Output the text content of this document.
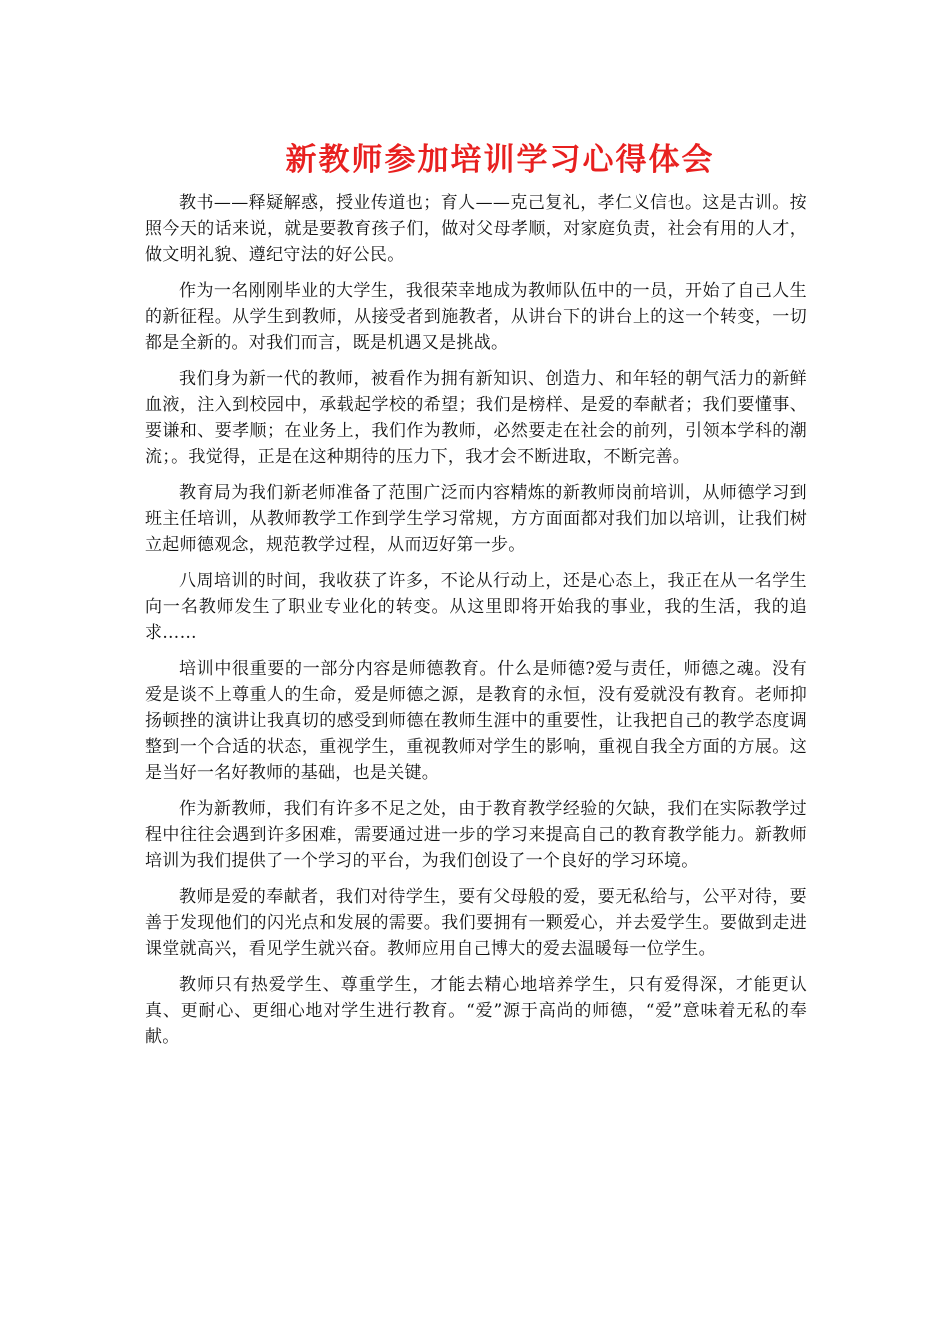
新教师参加培训学习心得体会

教书——释疑解惑，授业传道也；育人——克己复礼，孝仁义信也。这是古训。按照今天的话来说，就是要教育孩子们，做对父母孝顺，对家庭负责，社会有用的人才，做文明礼貌、遵纪守法的好公民。

作为一名刚刚毕业的大学生，我很荣幸地成为教师队伍中的一员，开始了自己人生的新征程。从学生到教师，从接受者到施教者，从讲台下的讲台上的这一个转变，一切都是全新的。对我们而言，既是机遇又是挑战。

我们身为新一代的教师，被看作为拥有新知识、创造力、和年轻的朝气活力的新鲜血液，注入到校园中，承载起学校的希望；我们是榜样、是爱的奉献者；我们要懂事、要谦和、要孝顺；在业务上，我们作为教师，必然要走在社会的前列，引领本学科的潮流；。我觉得，正是在这种期待的压力下，我才会不断进取，不断完善。

教育局为我们新老师准备了范围广泛而内容精炼的新教师岗前培训，从师德学习到班主任培训，从教师教学工作到学生学习常规，方方面面都对我们加以培训，让我们树立起师德观念，规范教学过程，从而迈好第一步。

八周培训的时间，我收获了许多，不论从行动上，还是心态上，我正在从一名学生向一名教师发生了职业专业化的转变。从这里即将开始我的事业，我的生活，我的追求……

培训中很重要的一部分内容是师德教育。什么是师德?爱与责任，师德之魂。没有爱是谈不上尊重人的生命，爱是师德之源，是教育的永恒，没有爱就没有教育。老师抑扬顿挫的演讲让我真切的感受到师德在教师生涯中的重要性，让我把自己的教学态度调整到一个合适的状态，重视学生，重视教师对学生的影响，重视自我全方面的方展。这是当好一名好教师的基础，也是关键。

作为新教师，我们有许多不足之处，由于教育教学经验的欠缺，我们在实际教学过程中往往会遇到许多困难，需要通过进一步的学习来提高自己的教育教学能力。新教师培训为我们提供了一个学习的平台，为我们创设了一个良好的学习环境。

教师是爱的奉献者，我们对待学生，要有父母般的爱，要无私给与，公平对待，要善于发现他们的闪光点和发展的需要。我们要拥有一颗爱心，并去爱学生。要做到走进课堂就高兴，看见学生就兴奋。教师应用自己博大的爱去温暖每一位学生。

教师只有热爱学生、尊重学生，才能去精心地培养学生，只有爱得深，才能更认真、更耐心、更细心地对学生进行教育。“爱”源于高尚的师德，“爱”意味着无私的奉献。
